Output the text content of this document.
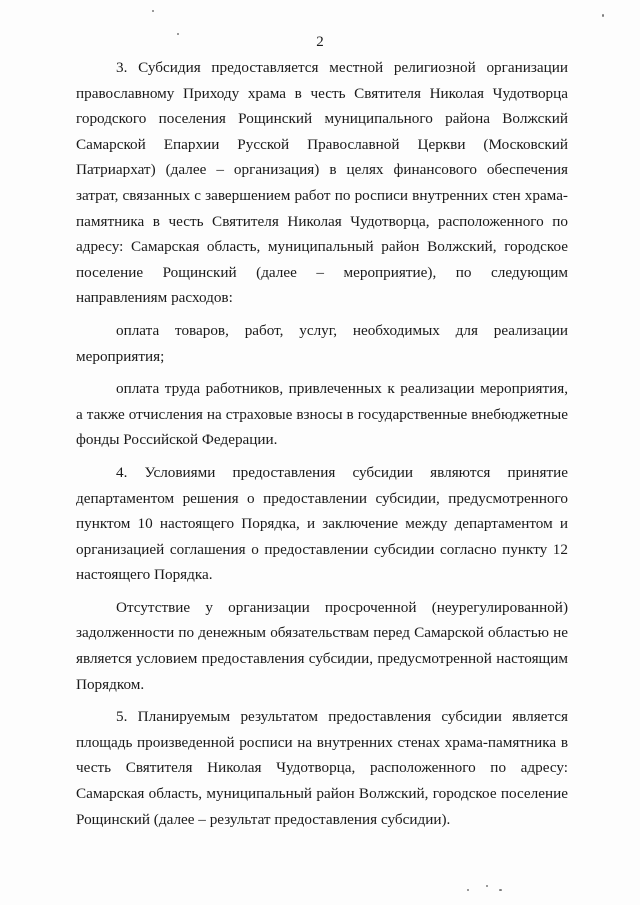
2

3. Субсидия предоставляется местной религиозной организации православному Приходу храма в честь Святителя Николая Чудотворца городского поселения Рощинский муниципального района Волжский Самарской Епархии Русской Православной Церкви (Московский Патриархат) (далее – организация) в целях финансового обеспечения затрат, связанных с завершением работ по росписи внутренних стен храма-памятника в честь Святителя Николая Чудотворца, расположенного по адресу: Самарская область, муниципальный район Волжский, городское поселение Рощинский (далее – мероприятие), по следующим направлениям расходов:

оплата товаров, работ, услуг, необходимых для реализации мероприятия;

оплата труда работников, привлеченных к реализации мероприятия, а также отчисления на страховые взносы в государственные внебюджетные фонды Российской Федерации.

4. Условиями предоставления субсидии являются принятие департаментом решения о предоставлении субсидии, предусмотренного пунктом 10 настоящего Порядка, и заключение между департаментом и организацией соглашения о предоставлении субсидии согласно пункту 12 настоящего Порядка.

Отсутствие у организации просроченной (неурегулированной) задолженности по денежным обязательствам перед Самарской областью не является условием предоставления субсидии, предусмотренной настоящим Порядком.

5. Планируемым результатом предоставления субсидии является площадь произведенной росписи на внутренних стенах храма-памятника в честь Святителя Николая Чудотворца, расположенного по адресу: Самарская область, муниципальный район Волжский, городское поселение Рощинский (далее – результат предоставления субсидии).
